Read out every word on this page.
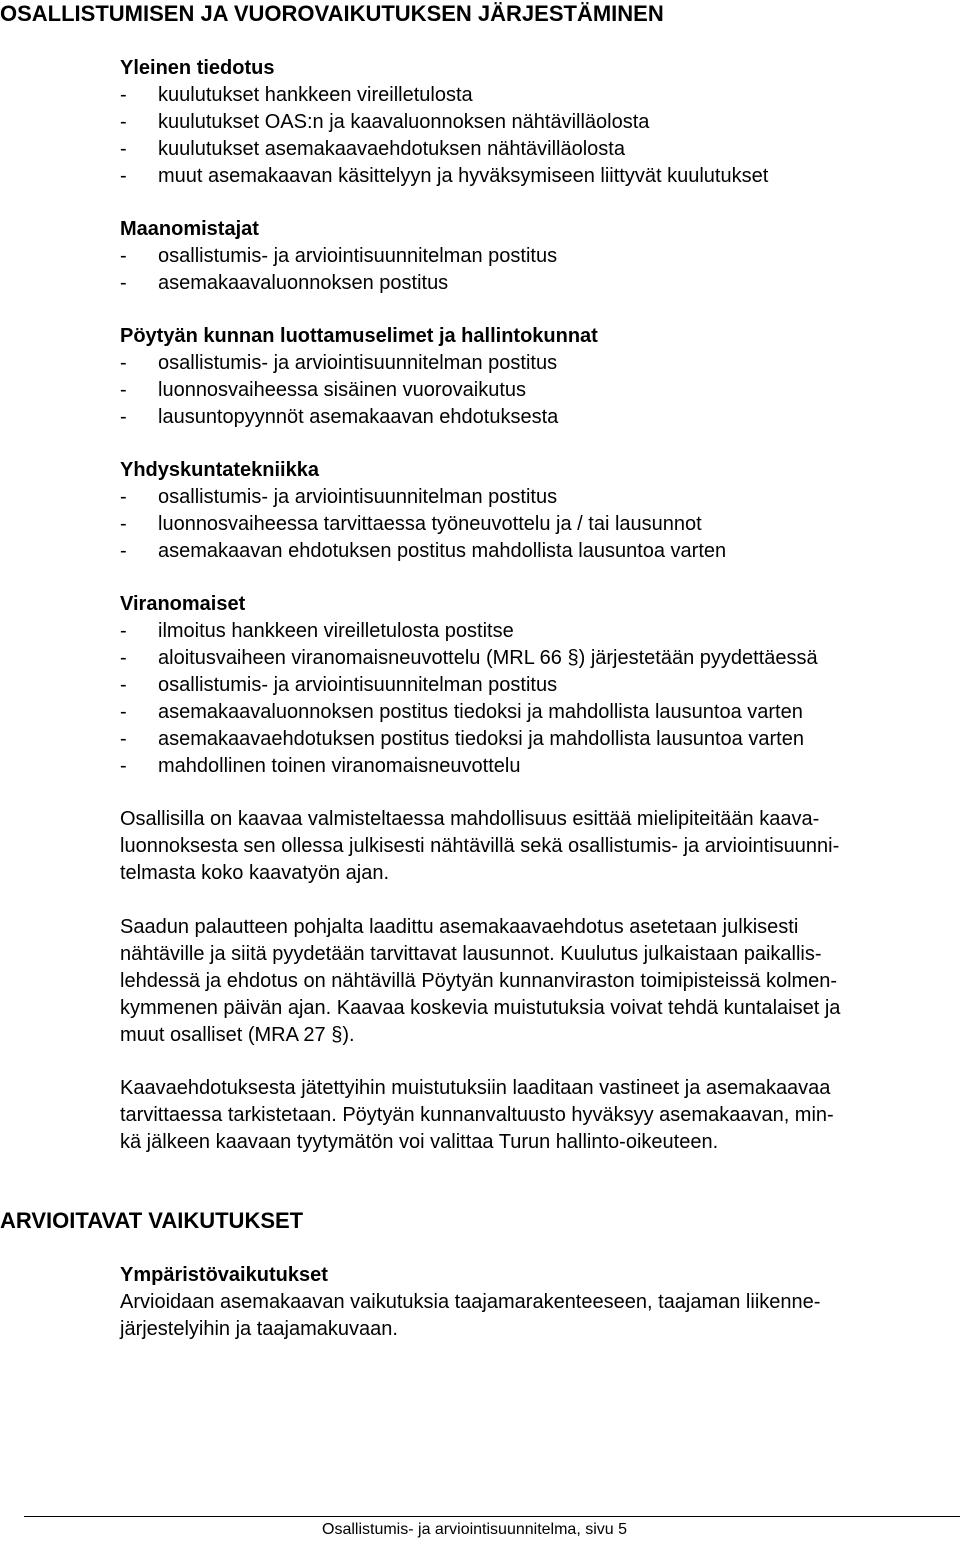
OSALLISTUMISEN JA VUOROVAIKUTUKSEN JÄRJESTÄMINEN
Yleinen tiedotus
- kuulutukset hankkeen vireilletulosta
- kuulutukset OAS:n ja kaavaluonnoksen nähtävilläolosta
- kuulutukset asemakaavaehdotuksen nähtävilläolosta
- muut asemakaavan käsittelyyn ja hyväksymiseen liittyvät kuulutukset
Maanomistajat
- osallistumis- ja arviointisuunnitelman postitus
- asemakaavaluonnoksen postitus
Pöytyän kunnan luottamuselimet ja hallintokunnat
- osallistumis- ja arviointisuunnitelman postitus
- luonnosvaiheessa sisäinen vuorovaikutus
- lausuntopyynnöt asemakaavan ehdotuksesta
Yhdyskuntatekniikka
- osallistumis- ja arviointisuunnitelman postitus
- luonnosvaiheessa tarvittaessa työneuvottelu ja / tai lausunnot
- asemakaavan ehdotuksen postitus mahdollista lausuntoa varten
Viranomaiset
- ilmoitus hankkeen vireilletulosta postitse
- aloitusvaiheen viranomaisneuvottelu (MRL 66 §) järjestetään pyydettäessä
- osallistumis- ja arviointisuunnitelman postitus
- asemakaavaluonnoksen postitus tiedoksi ja mahdollista lausuntoa varten
- asemakaavaehdotuksen postitus tiedoksi ja mahdollista lausuntoa varten
- mahdollinen toinen viranomaisneuvottelu
Osallisilla on kaavaa valmisteltaessa mahdollisuus esittää mielipiteitään kaava-
luonnoksesta sen ollessa julkisesti nähtävillä sekä osallistumis- ja arviointisuunni-
telmasta koko kaavatyön ajan.
Saadun palautteen pohjalta laadittu asemakaavaehdotus asetetaan julkisesti
nähtäville ja siitä pyydetään tarvittavat lausunnot. Kuulutus julkaistaan paikallis-
lehdessä ja ehdotus on nähtävillä Pöytyän kunnanviraston toimipisteissä kolmen-
kymmenen päivän ajan. Kaavaa koskevia muistutuksia voivat tehdä kuntalaiset ja
muut osalliset (MRA 27 §).
Kaavaehdotuksesta jätettyihin muistutuksiin laaditaan vastineet ja asemakaavaa
tarvittaessa tarkistetaan. Pöytyän kunnanvaltuusto hyväksyy asemakaavan, min-
kä jälkeen kaavaan tyytymätön voi valittaa Turun hallinto-oikeuteen.
ARVIOITAVAT VAIKUTUKSET
Ympäristövaikutukset
Arvioidaan asemakaavan vaikutuksia taajamarakenteeseen, taajaman liikenne-
järjestelyihin ja taajamakuvaan.
Osallistumis- ja arviointisuunnitelma, sivu 5
